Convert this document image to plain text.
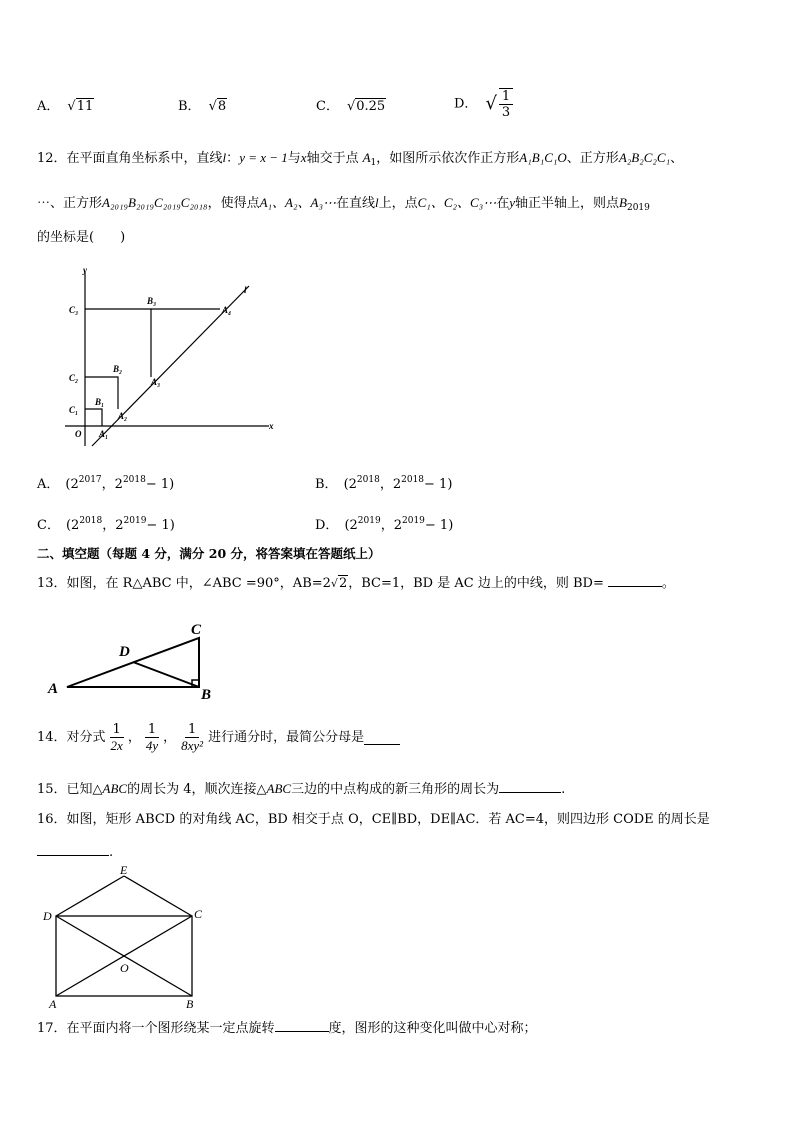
A． √11	B． √8	C． √0.25	D． √ $\frac{1}{3}$
12．在平面直角坐标系中，直线l：y = x − 1与x轴交于点 $A_1$，如图所示依次作正方形A₁B₁C₁O、正方形A₂B₂C₂C₁、
⋯、正方形A₂₀₁₉B₂₀₁₉C₂₀₁₉C₂₀₁₈，使得点A₁、A₂、A₃⋯在直线l上，点C₁、C₂、C₃⋯在y轴正半轴上，则点$B_{2019}$
的坐标是(　　)
y
x
l
O
C₃
C₂
C₁
B₃
B₂
B₁
A₄
A₃
A₂
A₁
A． ($2^{2017}$，$2^{2018}- 1$)	B． ($2^{2018}$，$2^{2018}- 1$)
C． ($2^{2018}$，$2^{2019}- 1$)	D． ($2^{2019}$，$2^{2019}- 1$)
二、填空题（每题 4 分，满分 20 分，将答案填在答题纸上）
13．如图，在 R△ABC 中，∠ABC =90°，AB=2√2，BC=1，BD 是 AC 边上的中线，则 BD=	。
A	B
C
D
14．对分式 $\frac{1}{2x}$ ， $\frac{1}{4y}$ ， $\frac{1}{\text{8xy²}}$ 进行通分时，最简公分母是
15．已知△ABC的周长为 4，顺次连接△ABC三边的中点构成的新三角形的周长为	.
16．如图，矩形 ABCD 的对角线 AC，BD 相交于点 O，CE∥BD，DE∥AC．若 AC=4，则四边形 CODE 的周长是
.
E
D	C
O
A	B
17．在平面内将一个图形绕某一定点旋转	度，图形的这种变化叫做中心对称；
